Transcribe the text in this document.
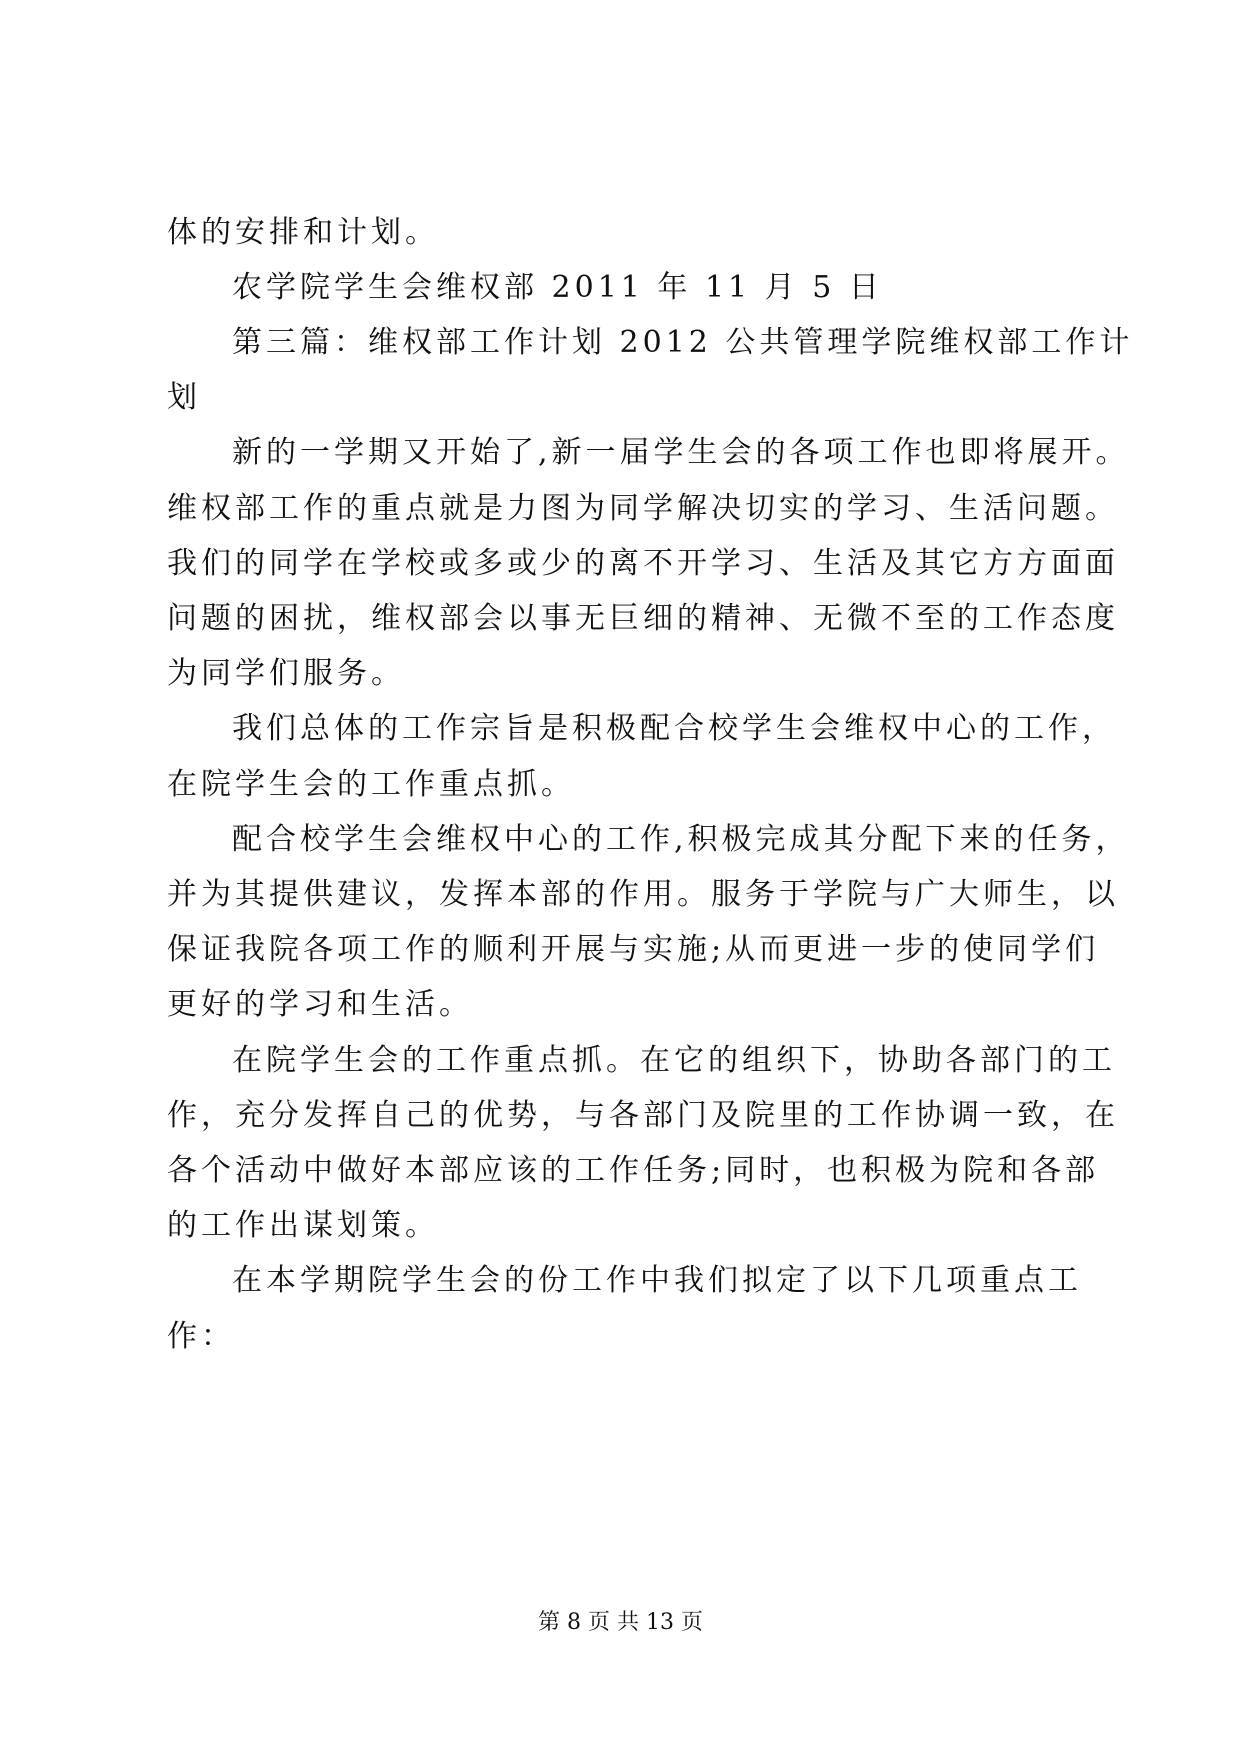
体的安排和计划。
农学院学生会维权部 2011 年 11 月 5 日
第三篇：维权部工作计划 2012 公共管理学院维权部工作计
划
新的一学期又开始了,新一届学生会的各项工作也即将展开。
维权部工作的重点就是力图为同学解决切实的学习、生活问题。
我们的同学在学校或多或少的离不开学习、生活及其它方方面面
问题的困扰，维权部会以事无巨细的精神、无微不至的工作态度
为同学们服务。
我们总体的工作宗旨是积极配合校学生会维权中心的工作，
在院学生会的工作重点抓。
配合校学生会维权中心的工作,积极完成其分配下来的任务，
并为其提供建议，发挥本部的作用。服务于学院与广大师生，以
保证我院各项工作的顺利开展与实施;从而更进一步的使同学们
更好的学习和生活。
在院学生会的工作重点抓。在它的组织下，协助各部门的工
作，充分发挥自己的优势，与各部门及院里的工作协调一致，在
各个活动中做好本部应该的工作任务;同时，也积极为院和各部
的工作出谋划策。
在本学期院学生会的份工作中我们拟定了以下几项重点工
作：
第 8 页 共 13 页
